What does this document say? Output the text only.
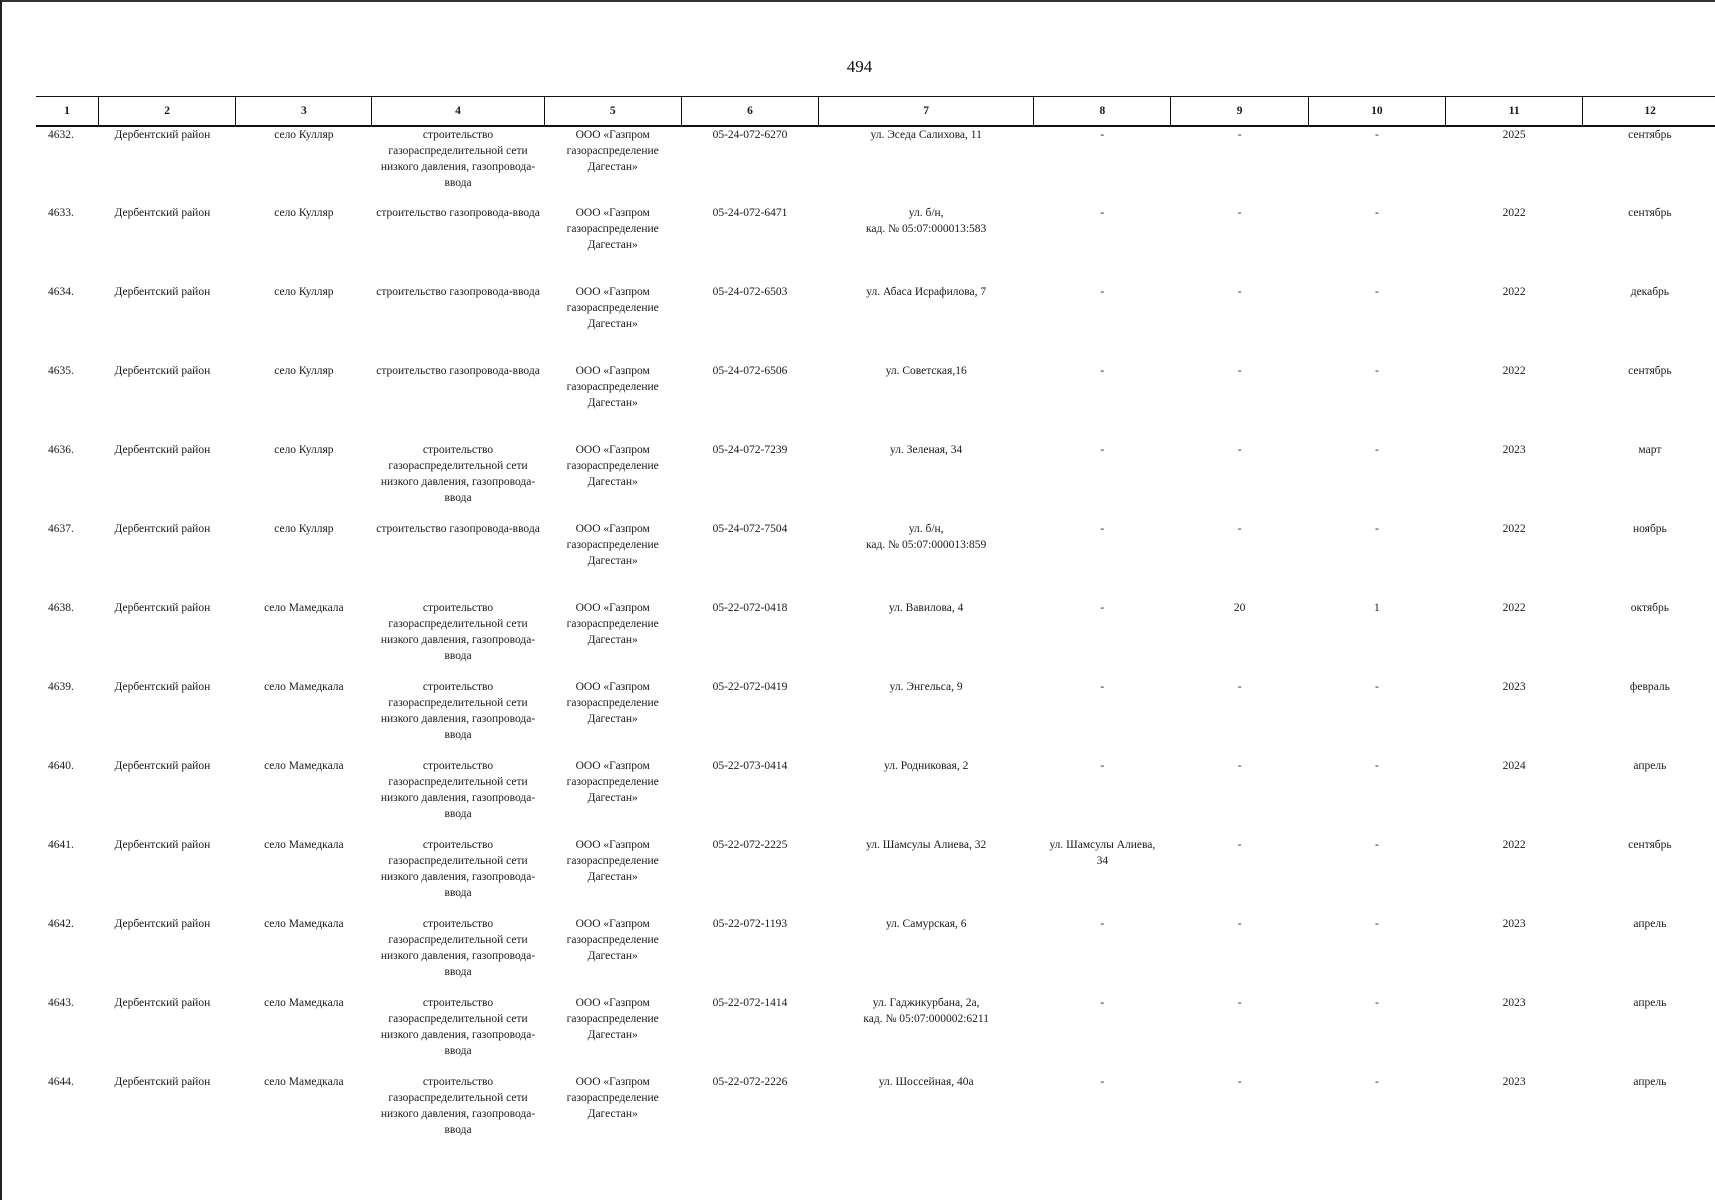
494
1	2	3	4	5	6	7	8	9	10	11	12
4632.	Дербентский район	село Кулляр	строительство газораспределительной сети низкого давления, газопровода-ввода	ООО «Газпром газораспределение Дагестан»	05-24-072-6270	ул. Эседа Салихова, 11	-	-	-	2025	сентябрь
4633.	Дербентский район	село Кулляр	строительство газопровода-ввода	ООО «Газпром газораспределение Дагестан»	05-24-072-6471	ул. б/н,
кад. № 05:07:000013:583	-	-	-	2022	сентябрь
4634.	Дербентский район	село Кулляр	строительство газопровода-ввода	ООО «Газпром газораспределение Дагестан»	05-24-072-6503	ул. Абаса Исрафилова, 7	-	-	-	2022	декабрь
4635.	Дербентский район	село Кулляр	строительство газопровода-ввода	ООО «Газпром газораспределение Дагестан»	05-24-072-6506	ул. Советская,16	-	-	-	2022	сентябрь
4636.	Дербентский район	село Кулляр	строительство газораспределительной сети низкого давления, газопровода-ввода	ООО «Газпром газораспределение Дагестан»	05-24-072-7239	ул. Зеленая, 34	-	-	-	2023	март
4637.	Дербентский район	село Кулляр	строительство газопровода-ввода	ООО «Газпром газораспределение Дагестан»	05-24-072-7504	ул. б/н,
кад. № 05:07:000013:859	-	-	-	2022	ноябрь
4638.	Дербентский район	село Мамедкала	строительство газораспределительной сети низкого давления, газопровода-ввода	ООО «Газпром газораспределение Дагестан»	05-22-072-0418	ул. Вавилова, 4	-	20	1	2022	октябрь
4639.	Дербентский район	село Мамедкала	строительство газораспределительной сети низкого давления, газопровода-ввода	ООО «Газпром газораспределение Дагестан»	05-22-072-0419	ул. Энгельса, 9	-	-	-	2023	февраль
4640.	Дербентский район	село Мамедкала	строительство газораспределительной сети низкого давления, газопровода-ввода	ООО «Газпром газораспределение Дагестан»	05-22-073-0414	ул. Родниковая, 2	-	-	-	2024	апрель
4641.	Дербентский район	село Мамедкала	строительство газораспределительной сети низкого давления, газопровода-ввода	ООО «Газпром газораспределение Дагестан»	05-22-072-2225	ул. Шамсулы Алиева, 32	ул. Шамсулы Алиева,
34	-	-	2022	сентябрь
4642.	Дербентский район	село Мамедкала	строительство газораспределительной сети низкого давления, газопровода-ввода	ООО «Газпром газораспределение Дагестан»	05-22-072-1193	ул. Самурская, 6	-	-	-	2023	апрель
4643.	Дербентский район	село Мамедкала	строительство газораспределительной сети низкого давления, газопровода-ввода	ООО «Газпром газораспределение Дагестан»	05-22-072-1414	ул. Гаджикурбана, 2а,
кад. № 05:07:000002:6211	-	-	-	2023	апрель
4644.	Дербентский район	село Мамедкала	строительство газораспределительной сети низкого давления, газопровода-ввода	ООО «Газпром газораспределение Дагестан»	05-22-072-2226	ул. Шоссейная, 40а	-	-	-	2023	апрель
